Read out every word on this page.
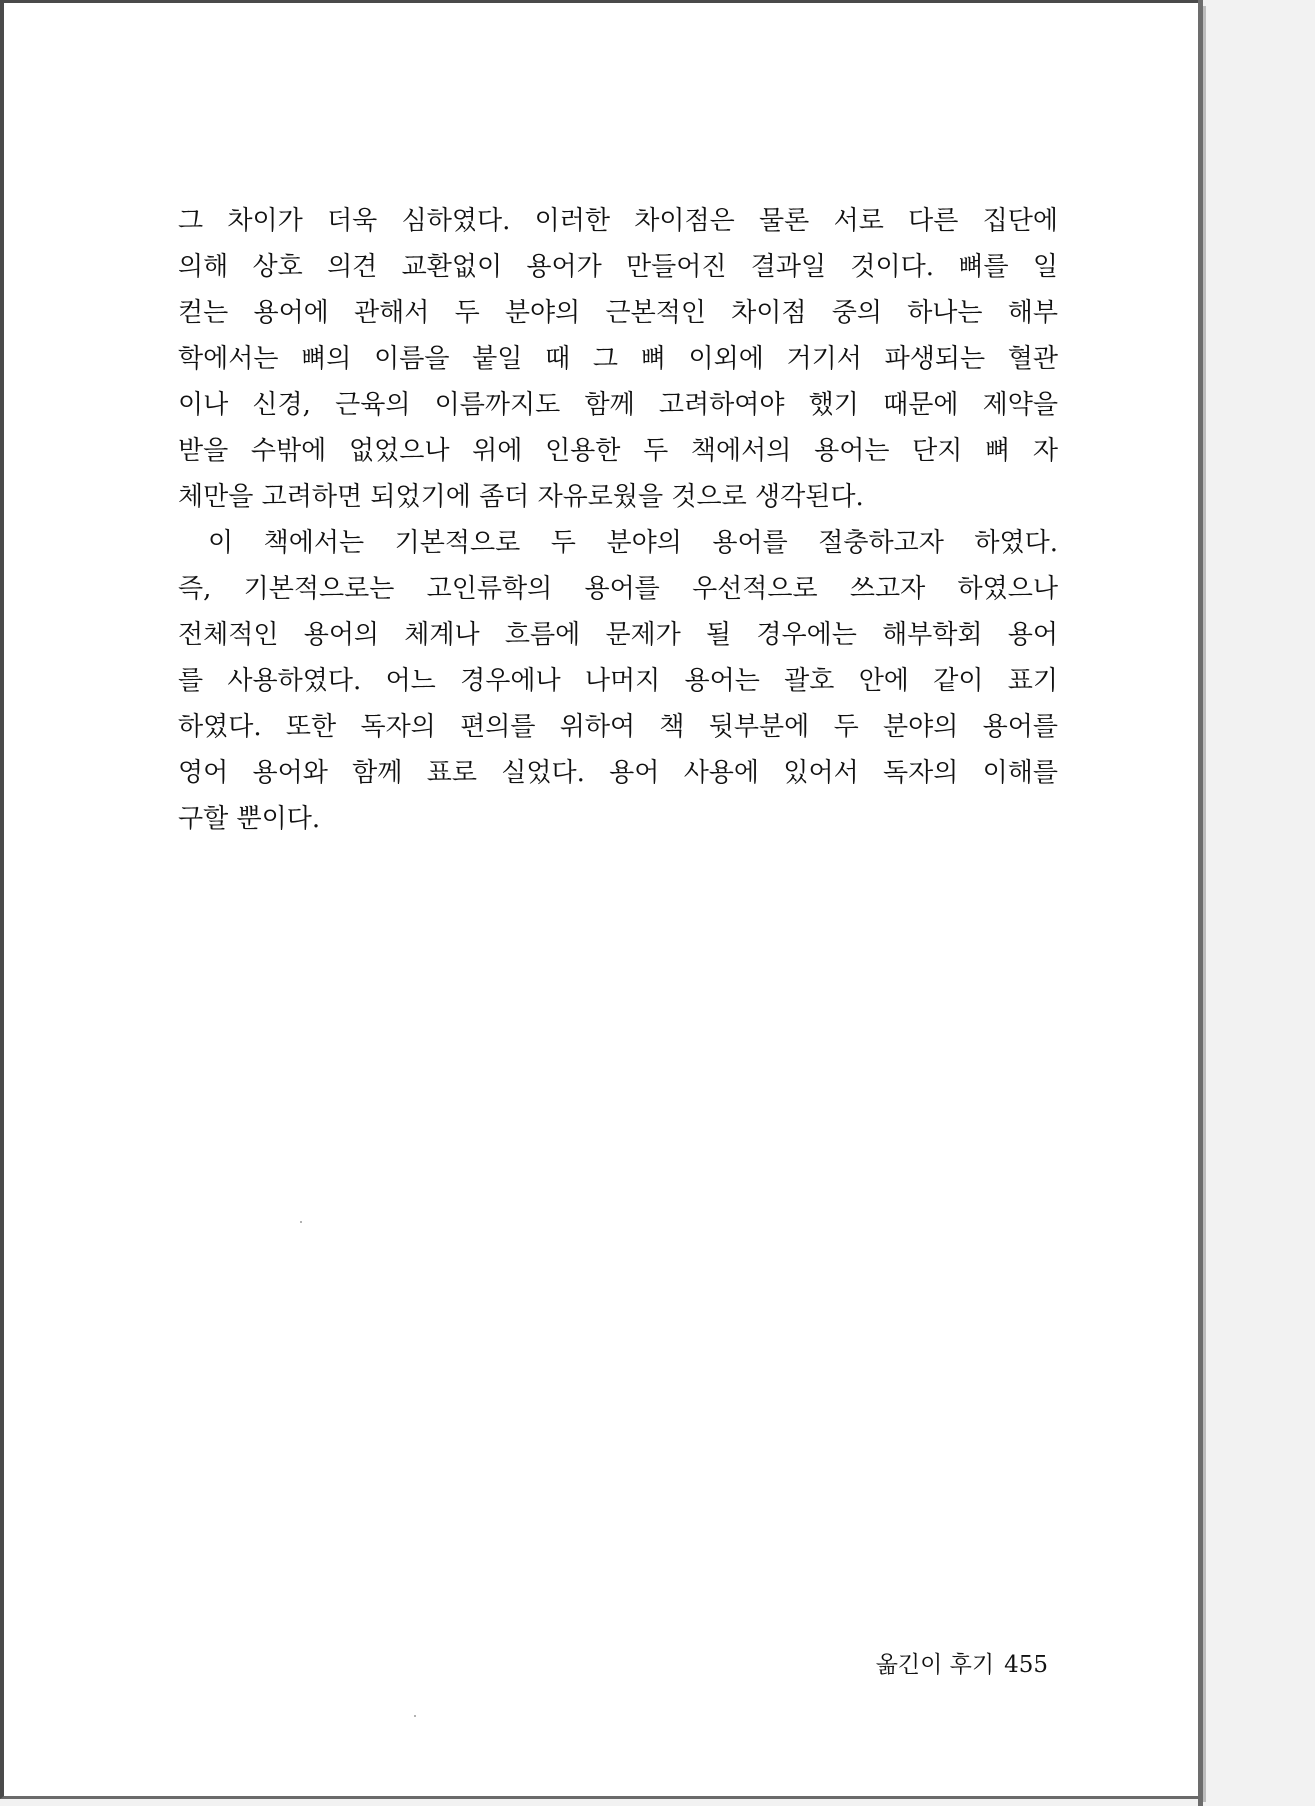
그 차이가 더욱 심하였다. 이러한 차이점은 물론 서로 다른 집단에
의해 상호 의견 교환없이 용어가 만들어진 결과일 것이다. 뼈를 일
컫는 용어에 관해서 두 분야의 근본적인 차이점 중의 하나는 해부
학에서는 뼈의 이름을 붙일 때 그 뼈 이외에 거기서 파생되는 혈관
이나 신경, 근육의 이름까지도 함께 고려하여야 했기 때문에 제약을
받을 수밖에 없었으나 위에 인용한 두 책에서의 용어는 단지 뼈 자
체만을 고려하면 되었기에 좀더 자유로웠을 것으로 생각된다.
이 책에서는 기본적으로 두 분야의 용어를 절충하고자 하였다.
즉, 기본적으로는 고인류학의 용어를 우선적으로 쓰고자 하였으나
전체적인 용어의 체계나 흐름에 문제가 될 경우에는 해부학회 용어
를 사용하였다. 어느 경우에나 나머지 용어는 괄호 안에 같이 표기
하였다. 또한 독자의 편의를 위하여 책 뒷부분에 두 분야의 용어를
영어 용어와 함께 표로 실었다. 용어 사용에 있어서 독자의 이해를
구할 뿐이다.
옮긴이 후기 455
